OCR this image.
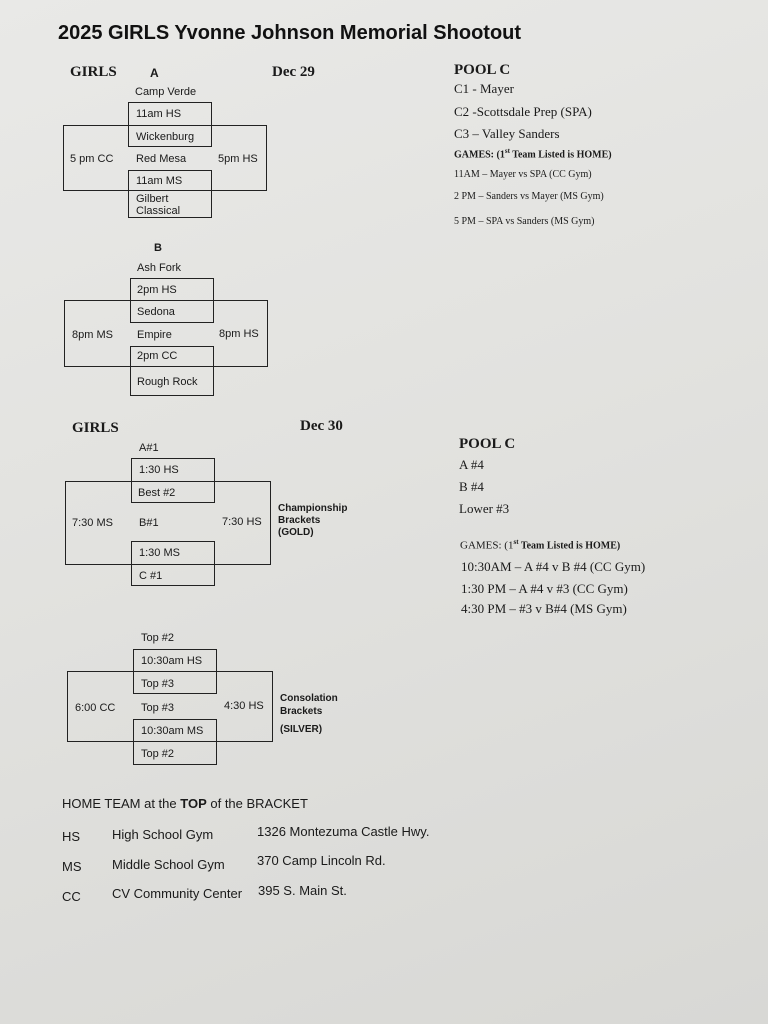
2025 GIRLS Yvonne Johnson Memorial Shootout
GIRLS	A	Dec 29
Camp Verde
11am HS
Wickenburg
5 pm CC Red Mesa	5pm HS
11am MS
Gilbert
Classical
B
Ash Fork
2pm HS
Sedona
8pm MS Empire	8pm HS
2pm CC
Rough Rock
POOL C
C1 - Mayer
C2 -Scottsdale Prep (SPA)
C3 – Valley Sanders
GAMES: (1st Team Listed is HOME)
11AM – Mayer vs SPA (CC Gym)
2 PM – Sanders vs Mayer (MS Gym)
5 PM – SPA vs Sanders (MS Gym)
GIRLS	Dec 30
A#1
1:30 HS
Best #2
7:30 MS B#1	7:30 HS
1:30 MS
C #1
Championship
Brackets
(GOLD)
Top #2
10:30am HS
Top #3
6:00 CC Top #3	4:30 HS
10:30am MS
Top #2
Consolation
Brackets
(SILVER)
POOL C
A #4
B #4
Lower #3
GAMES: (1st Team Listed is HOME)
10:30AM – A #4 v B #4 (CC Gym)
1:30 PM – A #4 v #3 (CC Gym)
4:30 PM – #3 v B#4 (MS Gym)
HOME TEAM at the TOP of the BRACKET
HS High School Gym	1326 Montezuma Castle Hwy.
MS Middle School Gym 370 Camp Lincoln Rd.
CC CV Community Center 395 S. Main St.
